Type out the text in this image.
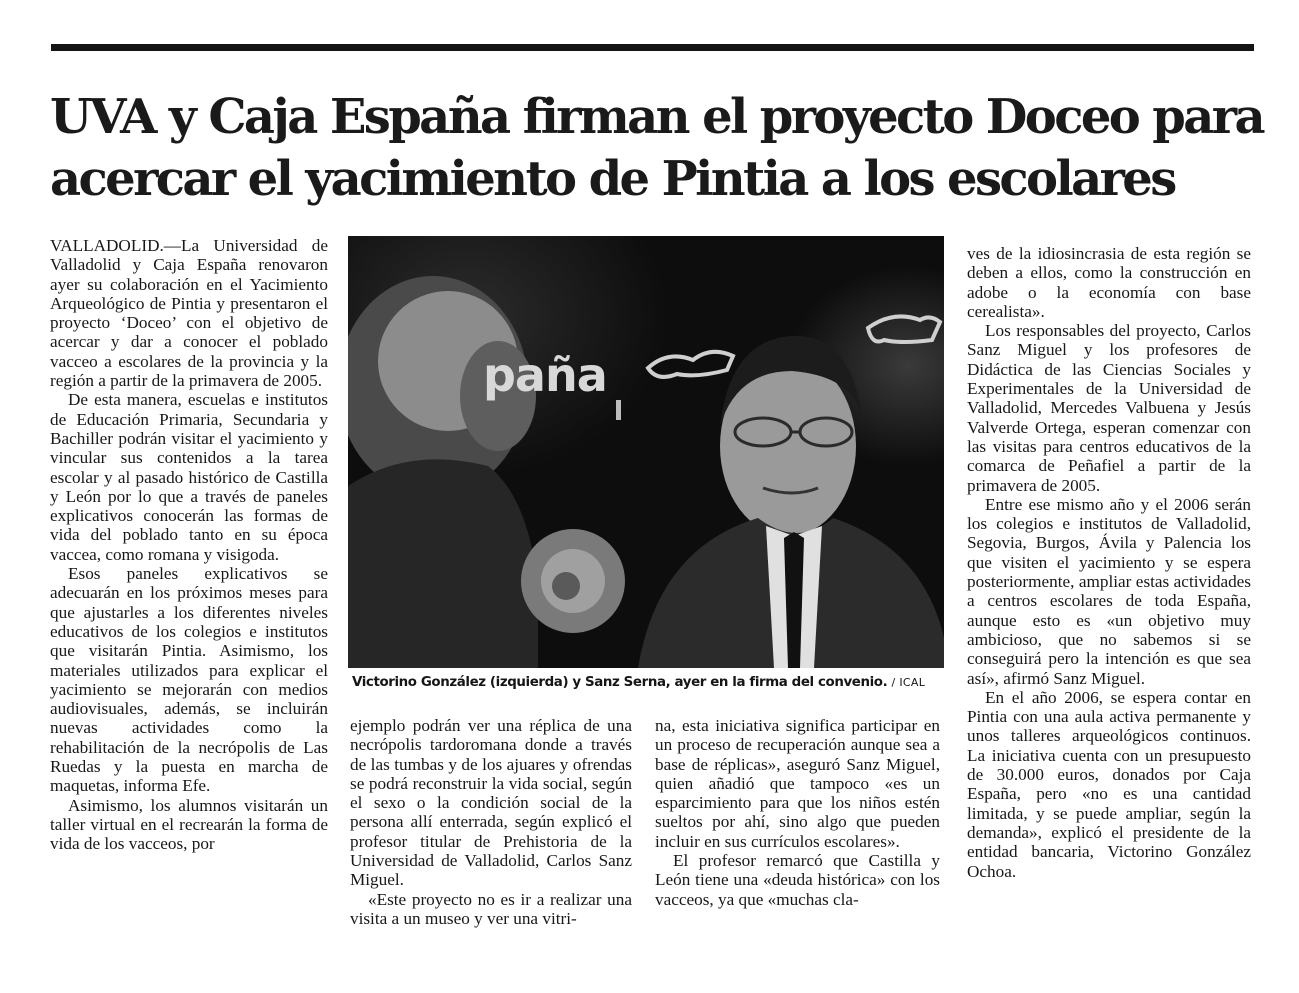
UVA y Caja España firman el proyecto Doceo para
acercar el yacimiento de Pintia a los escolares

VALLADOLID.—La Universidad de Valladolid y Caja España renovaron ayer su colaboración en el Yacimiento Arqueológico de Pintia y presentaron el proyecto ‘Doceo’ con el objetivo de acercar y dar a conocer el poblado vacceo a escolares de la provincia y la región a partir de la primavera de 2005.

De esta manera, escuelas e institutos de Educación Primaria, Secundaria y Bachiller podrán visitar el yacimiento y vincular sus contenidos a la tarea escolar y al pasado histórico de Castilla y León por lo que a través de paneles explicativos conocerán las formas de vida del poblado tanto en su época vaccea, como romana y visigoda.

Esos paneles explicativos se adecuarán en los próximos meses para que ajustarles a los diferentes niveles educativos de los colegios e institutos que visitarán Pintia. Asimismo, los materiales utilizados para explicar el yacimiento se mejorarán con medios audiovisuales, además, se incluirán nuevas actividades como la rehabilitación de la necrópolis de Las Ruedas y la puesta en marcha de maquetas, informa Efe.

Asimismo, los alumnos visitarán un taller virtual en el recrearán la forma de vida de los vacceos, por

paña

Victorino González (izquierda) y Sanz Serna, ayer en la firma del convenio. / ICAL

ejemplo podrán ver una réplica de una necrópolis tardoromana donde a través de las tumbas y de los ajuares y ofrendas se podrá reconstruir la vida social, según el sexo o la condición social de la persona allí enterrada, según explicó el profesor titular de Prehistoria de la Universidad de Valladolid, Carlos Sanz Miguel.

«Este proyecto no es ir a realizar una visita a un museo y ver una vitri-

na, esta iniciativa significa participar en un proceso de recuperación aunque sea a base de réplicas», aseguró Sanz Miguel, quien añadió que tampoco «es un esparcimiento para que los niños estén sueltos por ahí, sino algo que pueden incluir en sus currículos escolares».

El profesor remarcó que Castilla y León tiene una «deuda histórica» con los vacceos, ya que «muchas cla-

ves de la idiosincrasia de esta región se deben a ellos, como la construcción en adobe o la economía con base cerealista».

Los responsables del proyecto, Carlos Sanz Miguel y los profesores de Didáctica de las Ciencias Sociales y Experimentales de la Universidad de Valladolid, Mercedes Valbuena y Jesús Valverde Ortega, esperan comenzar con las visitas para centros educativos de la comarca de Peñafiel a partir de la primavera de 2005.

Entre ese mismo año y el 2006 serán los colegios e institutos de Valladolid, Segovia, Burgos, Ávila y Palencia los que visiten el yacimiento y se espera posteriormente, ampliar estas actividades a centros escolares de toda España, aunque esto es «un objetivo muy ambicioso, que no sabemos si se conseguirá pero la intención es que sea así», afirmó Sanz Miguel.

En el año 2006, se espera contar en Pintia con una aula activa permanente y unos talleres arqueológicos continuos. La iniciativa cuenta con un presupuesto de 30.000 euros, donados por Caja España, pero «no es una cantidad limitada, y se puede ampliar, según la demanda», explicó el presidente de la entidad bancaria, Victorino González Ochoa.
